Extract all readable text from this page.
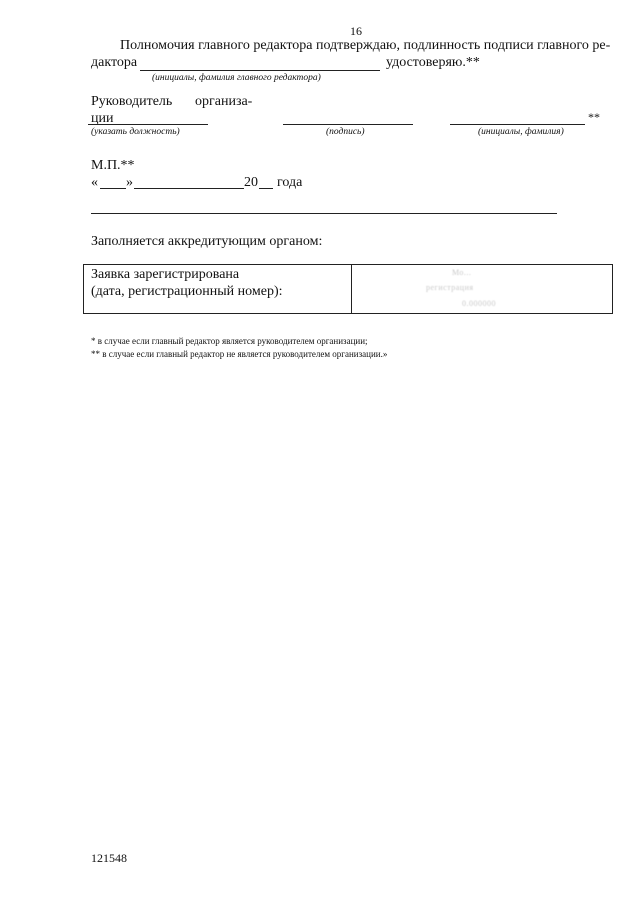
16
Полномочия главного редактора подтверждаю, подлинность подписи главного ре-
дактора	удостоверяю.**
(инициалы, фамилия главного редактора)
Руководитель организа-
ции	**
(указать должность)	(подпись)	(инициалы, фамилия)
М.П.**
« »	20 года
Заполняется аккредитующим органом:
Заявка зарегистрирована
(дата, регистрационный номер):
Мо...
регистрация
0.000000
* в случае если главный редактор является руководителем организации;
** в случае если главный редактор не является руководителем организации.»
121548
